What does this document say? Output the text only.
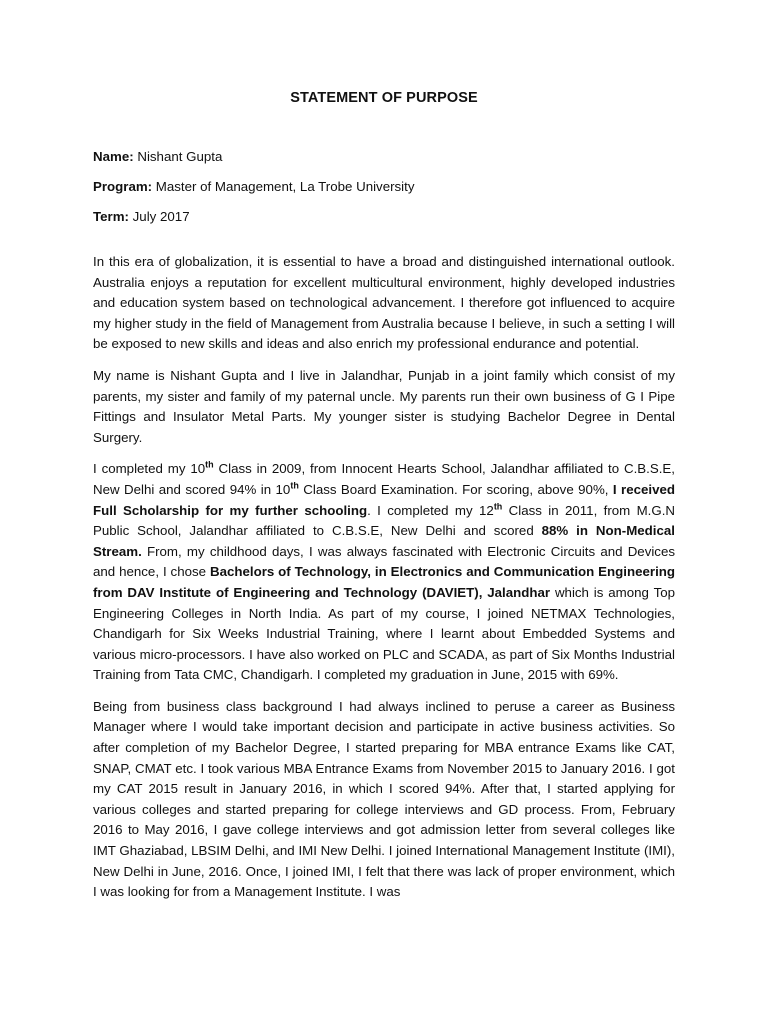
STATEMENT OF PURPOSE
Name: Nishant Gupta
Program: Master of Management, La Trobe University
Term: July 2017

In this era of globalization, it is essential to have a broad and distinguished international outlook. Australia enjoys a reputation for excellent multicultural environment, highly developed industries and education system based on technological advancement. I therefore got influenced to acquire my higher study in the field of Management from Australia because I believe, in such a setting I will be exposed to new skills and ideas and also enrich my professional endurance and potential.

My name is Nishant Gupta and I live in Jalandhar, Punjab in a joint family which consist of my parents, my sister and family of my paternal uncle. My parents run their own business of G I Pipe Fittings and Insulator Metal Parts. My younger sister is studying Bachelor Degree in Dental Surgery.

I completed my 10th Class in 2009, from Innocent Hearts School, Jalandhar affiliated to C.B.S.E, New Delhi and scored 94% in 10th Class Board Examination. For scoring, above 90%, I received Full Scholarship for my further schooling. I completed my 12th Class in 2011, from M.G.N Public School, Jalandhar affiliated to C.B.S.E, New Delhi and scored 88% in Non-Medical Stream. From, my childhood days, I was always fascinated with Electronic Circuits and Devices and hence, I chose Bachelors of Technology, in Electronics and Communication Engineering from DAV Institute of Engineering and Technology (DAVIET), Jalandhar which is among Top Engineering Colleges in North India. As part of my course, I joined NETMAX Technologies, Chandigarh for Six Weeks Industrial Training, where I learnt about Embedded Systems and various micro-processors. I have also worked on PLC and SCADA, as part of Six Months Industrial Training from Tata CMC, Chandigarh. I completed my graduation in June, 2015 with 69%.

Being from business class background I had always inclined to peruse a career as Business Manager where I would take important decision and participate in active business activities. So after completion of my Bachelor Degree, I started preparing for MBA entrance Exams like CAT, SNAP, CMAT etc. I took various MBA Entrance Exams from November 2015 to January 2016. I got my CAT 2015 result in January 2016, in which I scored 94%. After that, I started applying for various colleges and started preparing for college interviews and GD process. From, February 2016 to May 2016, I gave college interviews and got admission letter from several colleges like IMT Ghaziabad, LBSIM Delhi, and IMI New Delhi. I joined International Management Institute (IMI), New Delhi in June, 2016. Once, I joined IMI, I felt that there was lack of proper environment, which I was looking for from a Management Institute. I was
